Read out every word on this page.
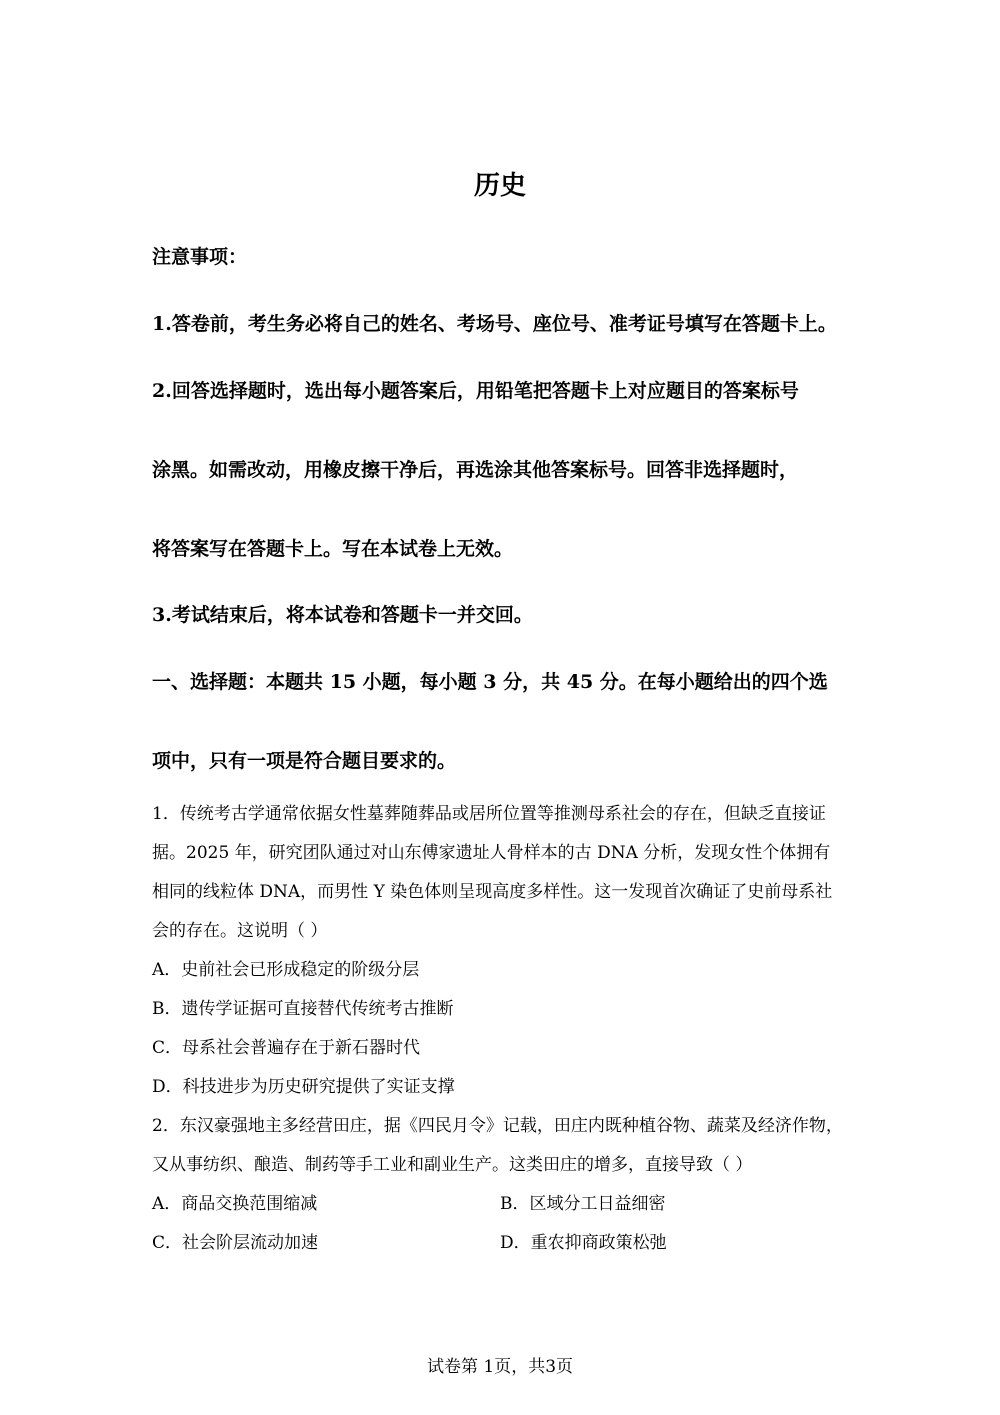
历史
注意事项：
1.答卷前，考生务必将自己的姓名、考场号、座位号、准考证号填写在答题卡上。
2.回答选择题时，选出每小题答案后，用铅笔把答题卡上对应题目的答案标号
涂黑。如需改动，用橡皮擦干净后，再选涂其他答案标号。回答非选择题时，
将答案写在答题卡上。写在本试卷上无效。
3.考试结束后，将本试卷和答题卡一并交回。
一、选择题：本题共 15 小题，每小题 3 分，共 45 分。在每小题给出的四个选
项中，只有一项是符合题目要求的。
1．传统考古学通常依据女性墓葬随葬品或居所位置等推测母系社会的存在，但缺乏直接证
据。2025 年，研究团队通过对山东傅家遗址人骨样本的古 DNA 分析，发现女性个体拥有
相同的线粒体 DNA，而男性 Y 染色体则呈现高度多样性。这一发现首次确证了史前母系社
会的存在。这说明（ ）
A．史前社会已形成稳定的阶级分层
B．遗传学证据可直接替代传统考古推断
C．母系社会普遍存在于新石器时代
D．科技进步为历史研究提供了实证支撑
2．东汉豪强地主多经营田庄，据《四民月令》记载，田庄内既种植谷物、蔬菜及经济作物，
又从事纺织、酿造、制药等手工业和副业生产。这类田庄的增多，直接导致（ ）
A．商品交换范围缩减	B．区域分工日益细密
C．社会阶层流动加速	D．重农抑商政策松弛
试卷第 1页，共3页
